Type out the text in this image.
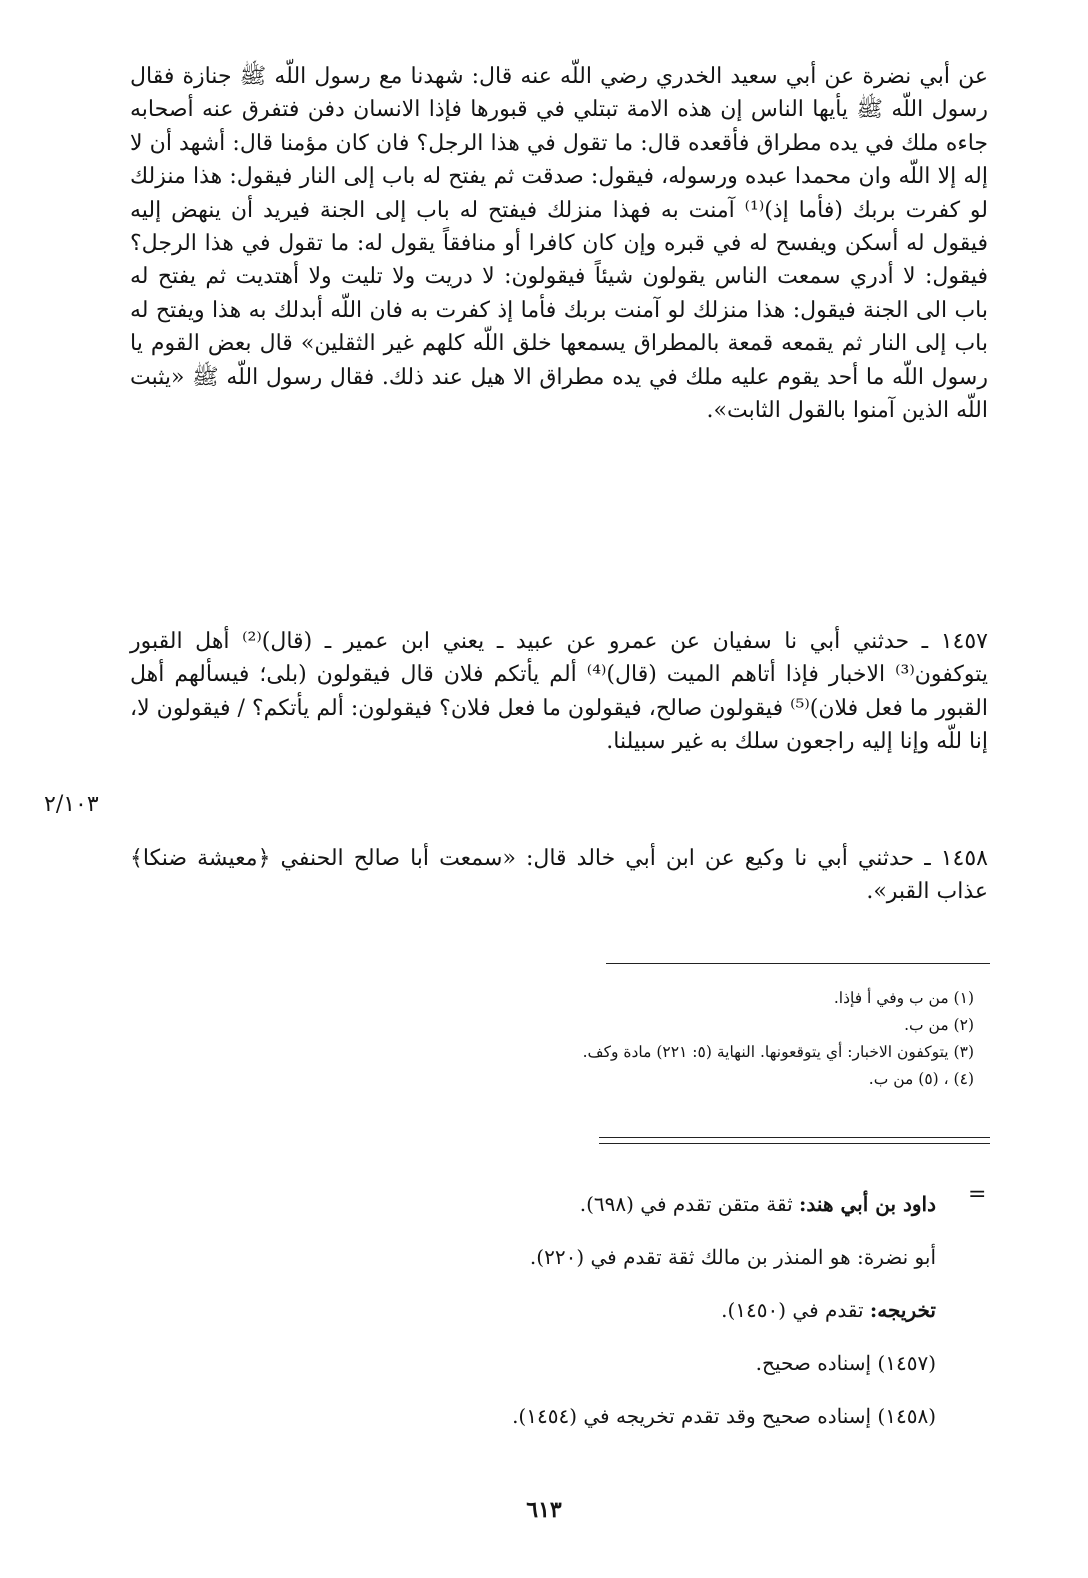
عن أبي نضرة عن أبي سعيد الخدري رضي اللّه عنه قال: شهدنا مع رسول اللّه ﷺ جنازة فقال رسول اللّه ﷺ يأيها الناس إن هذه الامة تبتلي في قبورها فإذا الانسان دفن فتفرق عنه أصحابه جاءه ملك في يده مطراق فأقعده قال: ما تقول في هذا الرجل؟ فان كان مؤمنا قال: أشهد أن لا إله إلا اللّه وان محمدا عبده ورسوله، فيقول: صدقت ثم يفتح له باب إلى النار فيقول: هذا منزلك لو كفرت بربك (فأما إذ)⁽¹⁾ آمنت به فهذا منزلك فيفتح له باب إلى الجنة فيريد أن ينهض إليه فيقول له أسكن ويفسح له في قبره وإن كان كافرا أو منافقاً يقول له: ما تقول في هذا الرجل؟ فيقول: لا أدري سمعت الناس يقولون شيئاً فيقولون: لا دريت ولا تليت ولا أهتديت ثم يفتح له باب الى الجنة فيقول: هذا منزلك لو آمنت بربك فأما إذ كفرت به فان اللّه أبدلك به هذا ويفتح له باب إلى النار ثم يقمعه قمعة بالمطراق يسمعها خلق اللّه كلهم غير الثقلين» قال بعض القوم يا رسول اللّه ما أحد يقوم عليه ملك في يده مطراق الا هيل عند ذلك. فقال رسول اللّه ﷺ «يثبت اللّه الذين آمنوا بالقول الثابت».

١٤٥٧ ـ حدثني أبي نا سفيان عن عمرو عن عبيد ـ يعني ابن عمير ـ (قال)⁽²⁾ أهل القبور يتوكفون⁽³⁾ الاخبار فإذا أتاهم الميت (قال)⁽⁴⁾ ألم يأتكم فلان قال فيقولون (بلى؛ فيسألهم أهل القبور ما فعل فلان)⁽⁵⁾ فيقولون صالح، فيقولون ما فعل فلان؟ فيقولون: ألم يأتكم؟ / فيقولون لا، إنا للّه وإنا إليه راجعون سلك به غير سبيلنا.

٢/١٠٣

١٤٥٨ ـ حدثني أبي نا وكيع عن ابن أبي خالد قال: «سمعت أبا صالح الحنفي ﴿معيشة ضنكا﴾ عذاب القبر».

(١) من ب وفي أ فإذا.
(٢) من ب.
(٣) يتوكفون الاخبار: أي يتوقعونها. النهاية (٥: ٢٢١) مادة وكف.
(٤) ، (٥) من ب.
=
داود بن أبي هند: ثقة متقن تقدم في (٦٩٨).
أبو نضرة: هو المنذر بن مالك ثقة تقدم في (٢٢٠).
تخريجه: تقدم في (١٤٥٠).
(١٤٥٧) إسناده صحيح.
(١٤٥٨) إسناده صحيح وقد تقدم تخريجه في (١٤٥٤).
٦١٣
